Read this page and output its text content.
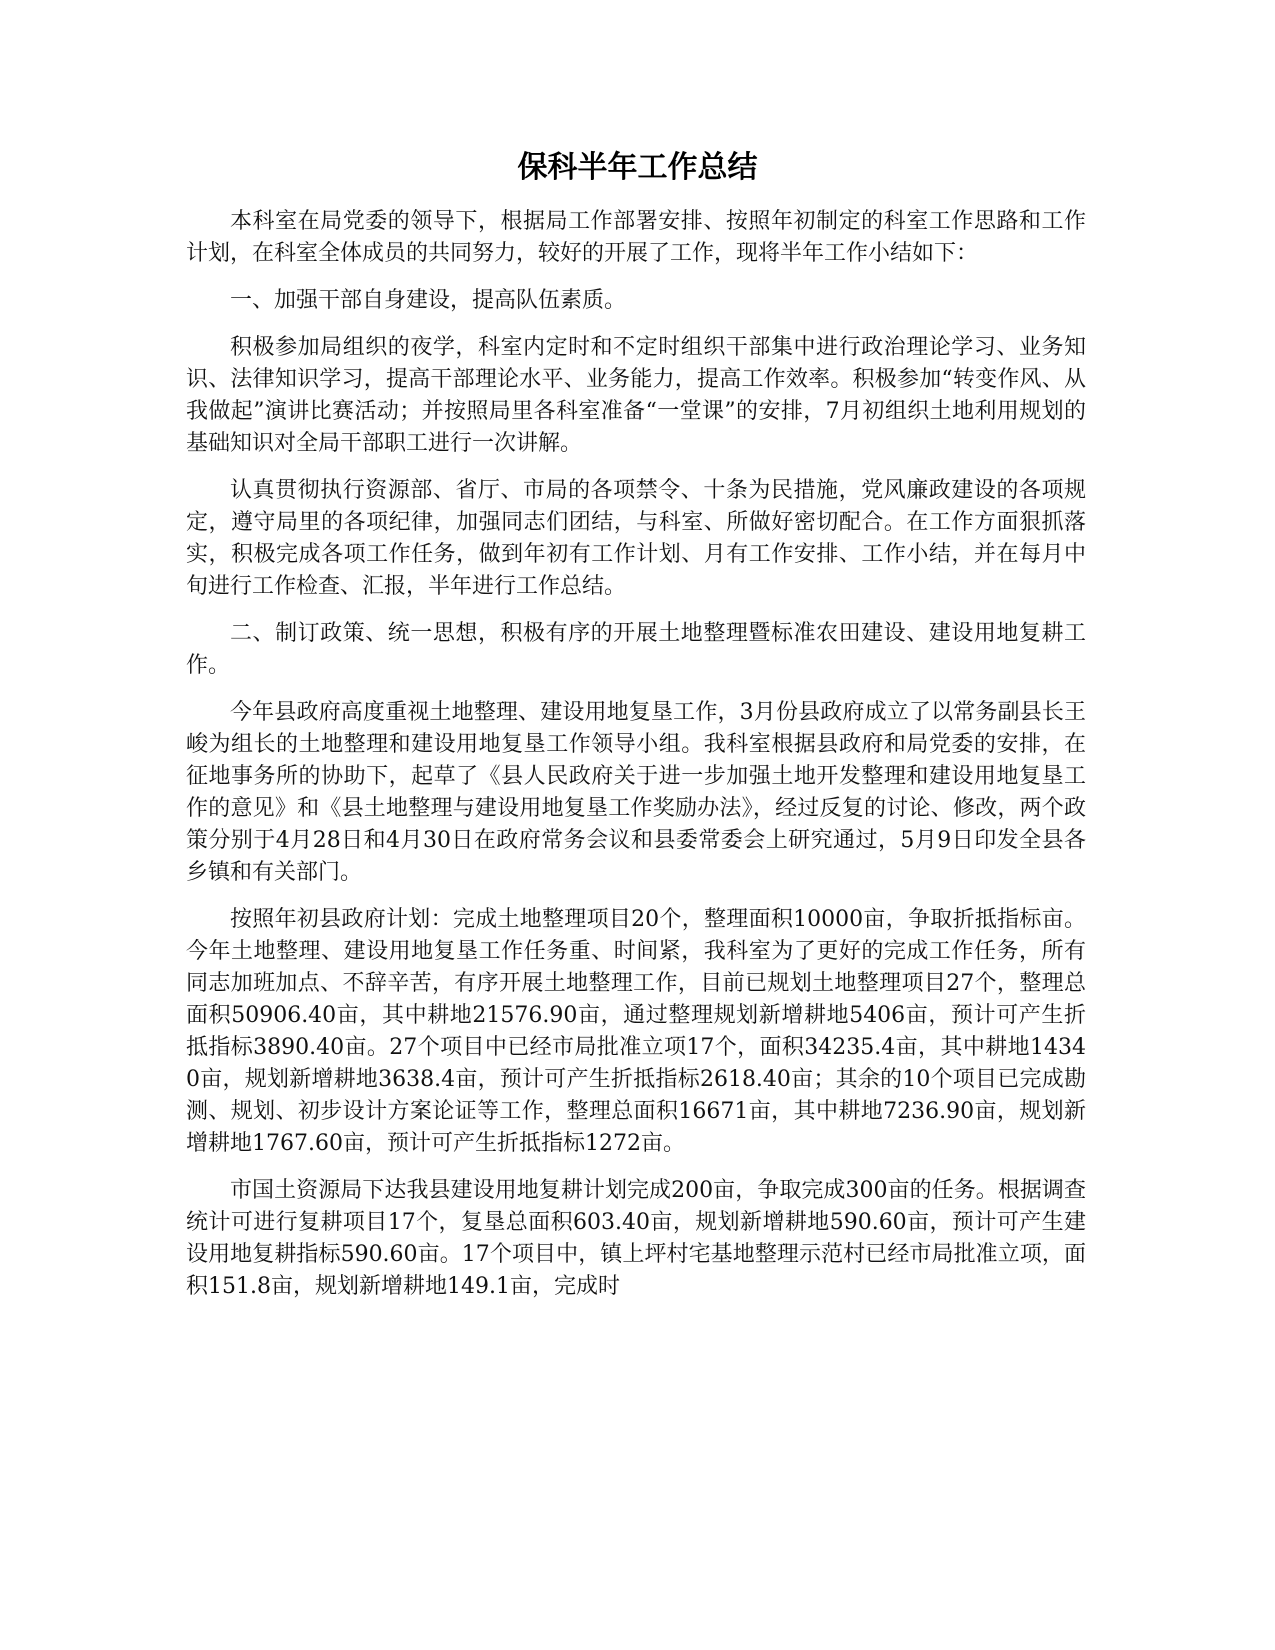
保科半年工作总结

本科室在局党委的领导下，根据局工作部署安排、按照年初制定的科室工作思路和工作计划，在科室全体成员的共同努力，较好的开展了工作，现将半年工作小结如下：

一、加强干部自身建设，提高队伍素质。

积极参加局组织的夜学，科室内定时和不定时组织干部集中进行政治理论学习、业务知识、法律知识学习，提高干部理论水平、业务能力，提高工作效率。积极参加“转变作风、从我做起”演讲比赛活动；并按照局里各科室准备“一堂课”的安排，7月初组织土地利用规划的基础知识对全局干部职工进行一次讲解。

认真贯彻执行资源部、省厅、市局的各项禁令、十条为民措施，党风廉政建设的各项规定，遵守局里的各项纪律，加强同志们团结，与科室、所做好密切配合。在工作方面狠抓落实，积极完成各项工作任务，做到年初有工作计划、月有工作安排、工作小结，并在每月中旬进行工作检查、汇报，半年进行工作总结。

二、制订政策、统一思想，积极有序的开展土地整理暨标准农田建设、建设用地复耕工作。

今年县政府高度重视土地整理、建设用地复垦工作，3月份县政府成立了以常务副县长王峻为组长的土地整理和建设用地复垦工作领导小组。我科室根据县政府和局党委的安排，在征地事务所的协助下，起草了《县人民政府关于进一步加强土地开发整理和建设用地复垦工作的意见》和《县土地整理与建设用地复垦工作奖励办法》，经过反复的讨论、修改，两个政策分别于4月28日和4月30日在政府常务会议和县委常委会上研究通过，5月9日印发全县各乡镇和有关部门。

按照年初县政府计划：完成土地整理项目20个，整理面积10000亩，争取折抵指标亩。今年土地整理、建设用地复垦工作任务重、时间紧，我科室为了更好的完成工作任务，所有同志加班加点、不辞辛苦，有序开展土地整理工作，目前已规划土地整理项目27个，整理总面积50906.40亩，其中耕地21576.90亩，通过整理规划新增耕地5406亩，预计可产生折抵指标3890.40亩。27个项目中已经市局批准立项17个，面积34235.4亩，其中耕地14340亩，规划新增耕地3638.4亩，预计可产生折抵指标2618.40亩；其余的10个项目已完成勘测、规划、初步设计方案论证等工作，整理总面积16671亩，其中耕地7236.90亩，规划新增耕地1767.60亩，预计可产生折抵指标1272亩。

市国土资源局下达我县建设用地复耕计划完成200亩，争取完成300亩的任务。根据调查统计可进行复耕项目17个，复垦总面积603.40亩，规划新增耕地590.60亩，预计可产生建设用地复耕指标590.60亩。17个项目中，镇上坪村宅基地整理示范村已经市局批准立项，面积151.8亩，规划新增耕地149.1亩，完成时
